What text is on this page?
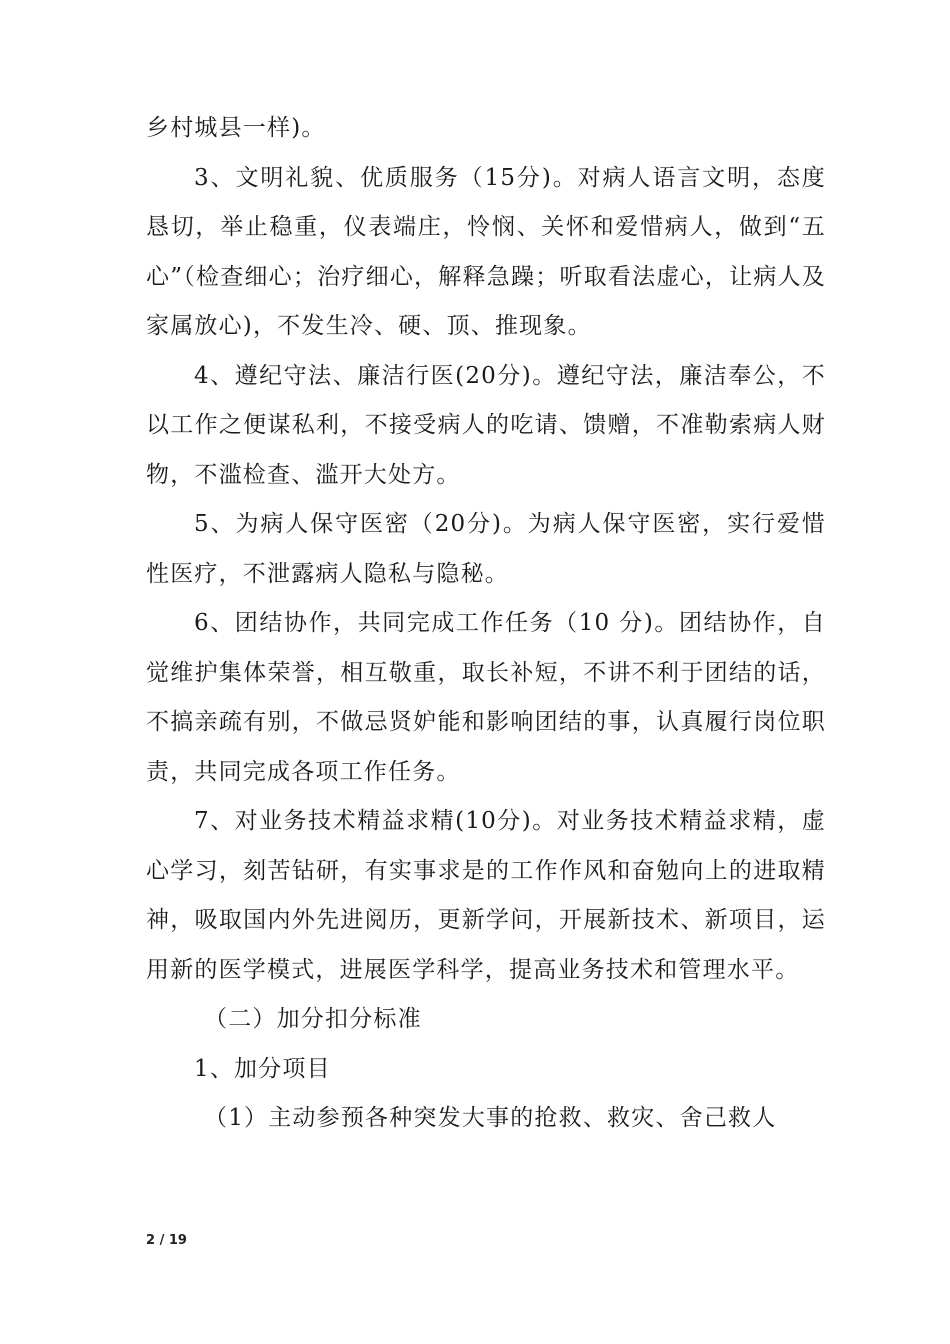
乡村城县一样)。

3、文明礼貌、优质服务（15分)。对病人语言文明，态度恳切，举止稳重，仪表端庄，怜悯、关怀和爱惜病人，做到“五心”（检查细心；治疗细心，解释急躁；听取看法虚心，让病人及家属放心)，不发生冷、硬、顶、推现象。

4、遵纪守法、廉洁行医(20分)。遵纪守法，廉洁奉公，不以工作之便谋私利，不接受病人的吃请、馈赠，不准勒索病人财物，不滥检查、滥开大处方。

5、为病人保守医密（20分)。为病人保守医密，实行爱惜性医疗，不泄露病人隐私与隐秘。

6、团结协作，共同完成工作任务（10 分)。团结协作，自觉维护集体荣誉，相互敬重，取长补短，不讲不利于团结的话，不搞亲疏有别，不做忌贤妒能和影响团结的事，认真履行岗位职责，共同完成各项工作任务。

7、对业务技术精益求精(10分)。对业务技术精益求精，虚心学习，刻苦钻研，有实事求是的工作作风和奋勉向上的进取精神，吸取国内外先进阅历，更新学问，开展新技术、新项目，运用新的医学模式，进展医学科学，提高业务技术和管理水平。

（二）加分扣分标准

1、加分项目

（1）主动参预各种突发大事的抢救、救灾、舍己救人

2 / 19
